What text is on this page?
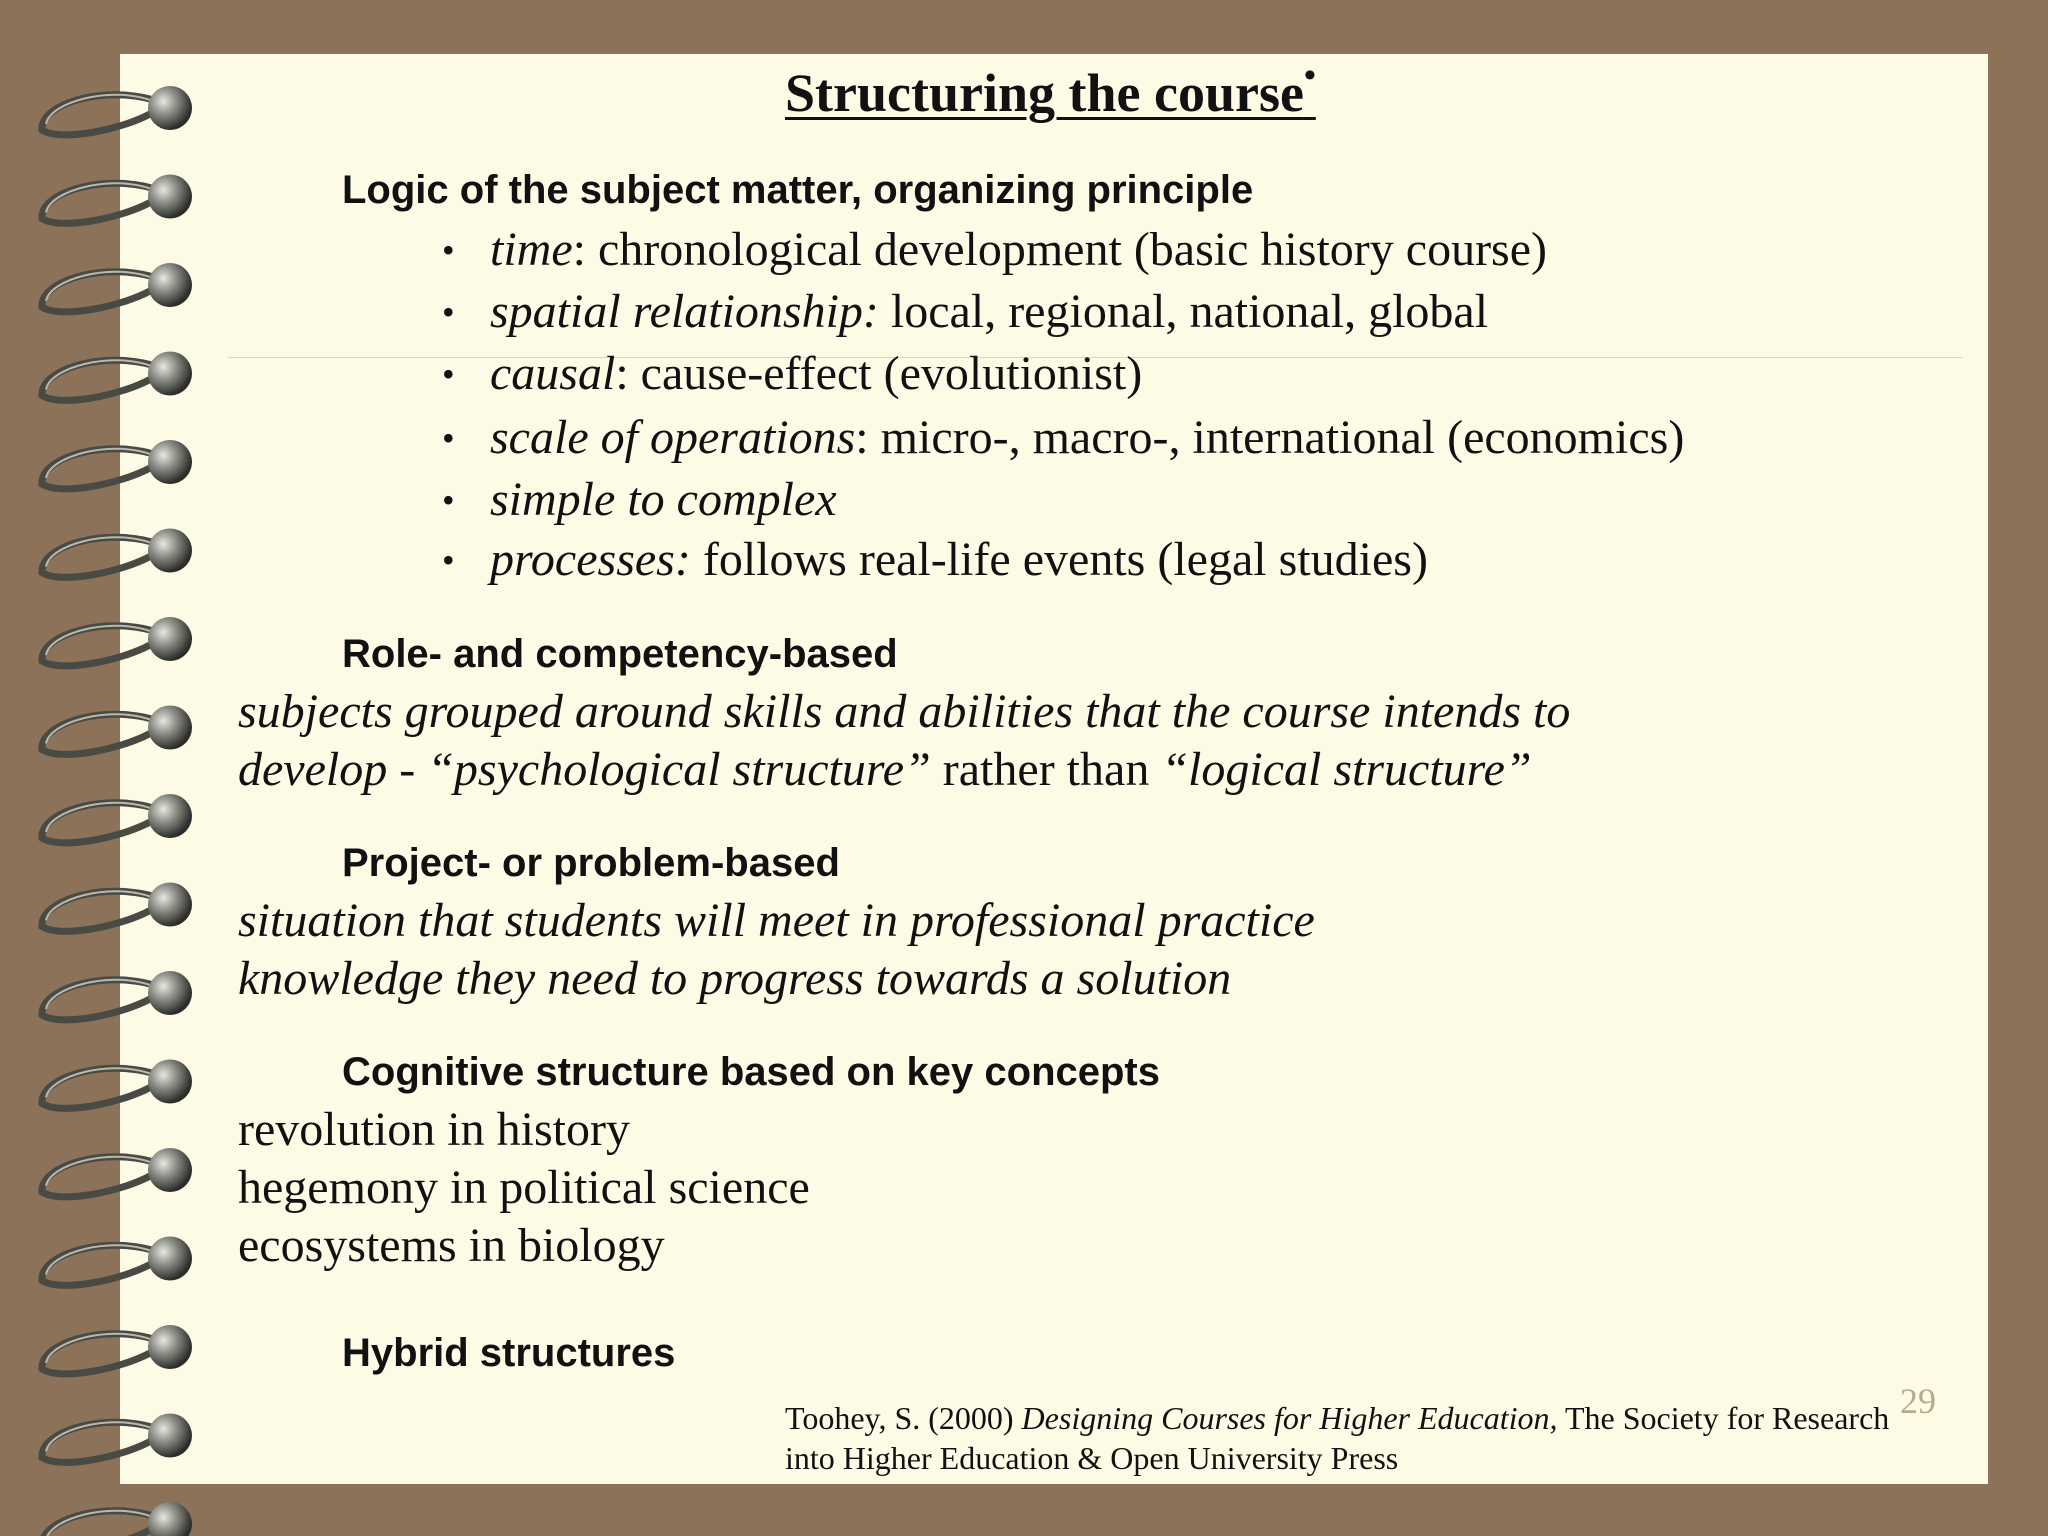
Structuring the course•
Logic of the subject matter, organizing principle
• time: chronological development (basic history course)
• spatial relationship: local, regional, national, global
• causal: cause-effect (evolutionist)
• scale of operations: micro-, macro-, international (economics)
• simple to complex
• processes: follows real-life events (legal studies)
Role- and competency-based
subjects grouped around skills and abilities that the course intends to
develop - “psychological structure” rather than “logical structure”
Project- or problem-based
situation that students will meet in professional practice
knowledge they need to progress towards a solution
Cognitive structure based on key concepts
revolution in history
hegemony in political science
ecosystems in biology
Hybrid structures
29
Toohey, S. (2000) Designing Courses for Higher Education, The Society for Research
into Higher Education & Open University Press
